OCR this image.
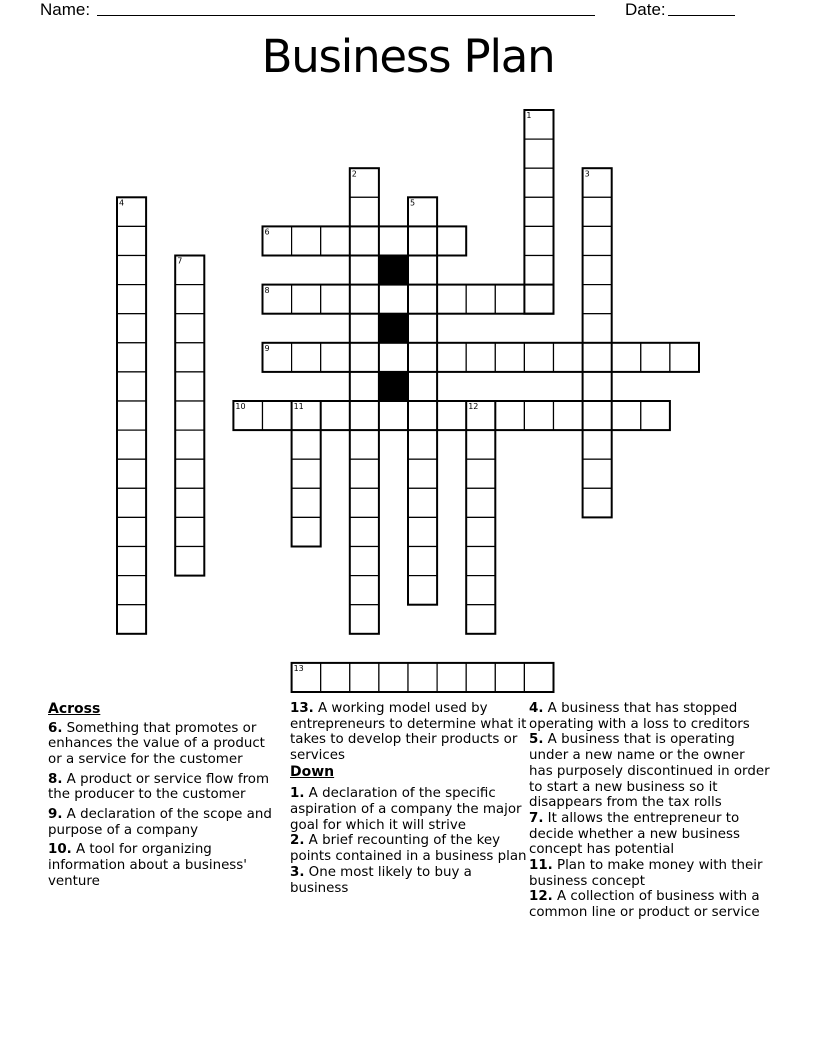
Name:	Date:
Business Plan
1
2	3
4	5
6
7
8
9
10	11	12
13
Across

6. Something that promotes or enhances the value of a product or a service for the customer

8. A product or service flow from the producer to the customer

9. A declaration of the scope and purpose of a company

10. A tool for organizing information about a business' venture

13. A working model used by entrepreneurs to determine what it takes to develop their products or services

Down

1. A declaration of the specific aspiration of a company the major goal for which it will strive

2. A brief recounting of the key points contained in a business plan

3. One most likely to buy a business

4. A business that has stopped operating with a loss to creditors

5. A business that is operating under a new name or the owner has purposely discontinued in order to start a new business so it disappears from the tax rolls

7. It allows the entrepreneur to decide whether a new business concept has potential

11. Plan to make money with their business concept

12. A collection of business with a common line or product or service
